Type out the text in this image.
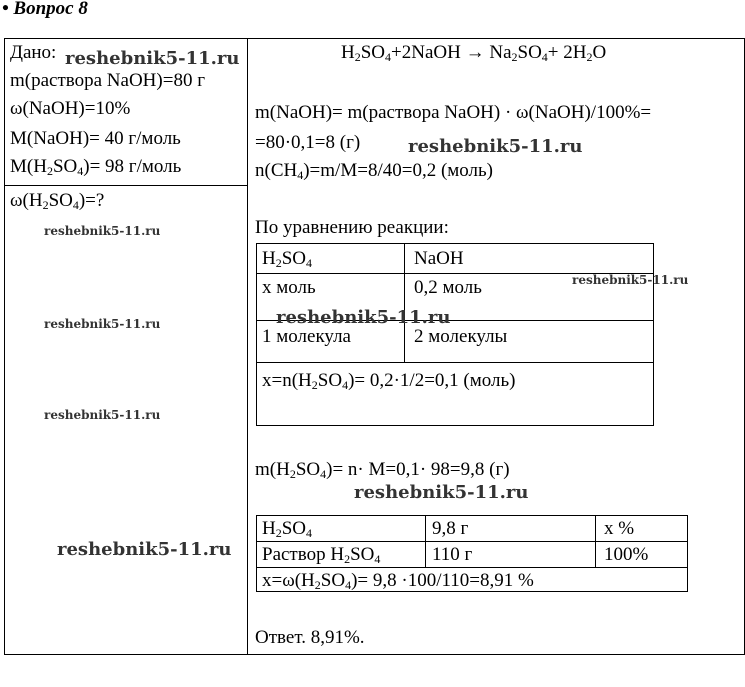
• Вопрос 8
Дано:
m(раствора NaOH)=80 г
ω(NaOH)=10%
M(NaOH)= 40 г/моль
$M(H_2SO_4)= 98$ г/моль
$\omega(H_2SO_4)=$?
$H_2SO_4+2NaOH \to Na_2SO_4+ 2H_2O$
m(NaOH)= m(раствора NaOH) · ω(NaOH)/100%=
=80·0,1=8 (г)
$n(CH_4)=m/M=8/40=0,2$ (моль)
По уравнению реакции:
$H_2SO_4$	NaOH
x моль	0,2 моль
1 молекула	2 молекулы
$x=n(H_2SO_4)= 0,2\cdot 1/2=0,1$ (моль)
$m(H_2SO_4)= n\cdot M=0,1\cdot 98=9,8$ (г)
$H_2SO_4$	9,8 г	x %
Раствор $H_2SO_4$	110 г	100%
$x=\omega(H_2SO_4)= 9,8 \cdot 100/110=8,91$ %
Ответ. 8,91%.
reshebnik5-11.ru
reshebnik5-11.ru
reshebnik5-11.ru
reshebnik5-11.ru
reshebnik5-11.ru
reshebnik5-11.ru
reshebnik5-11.ru
reshebnik5-11.ru
reshebnik5-11.ru
